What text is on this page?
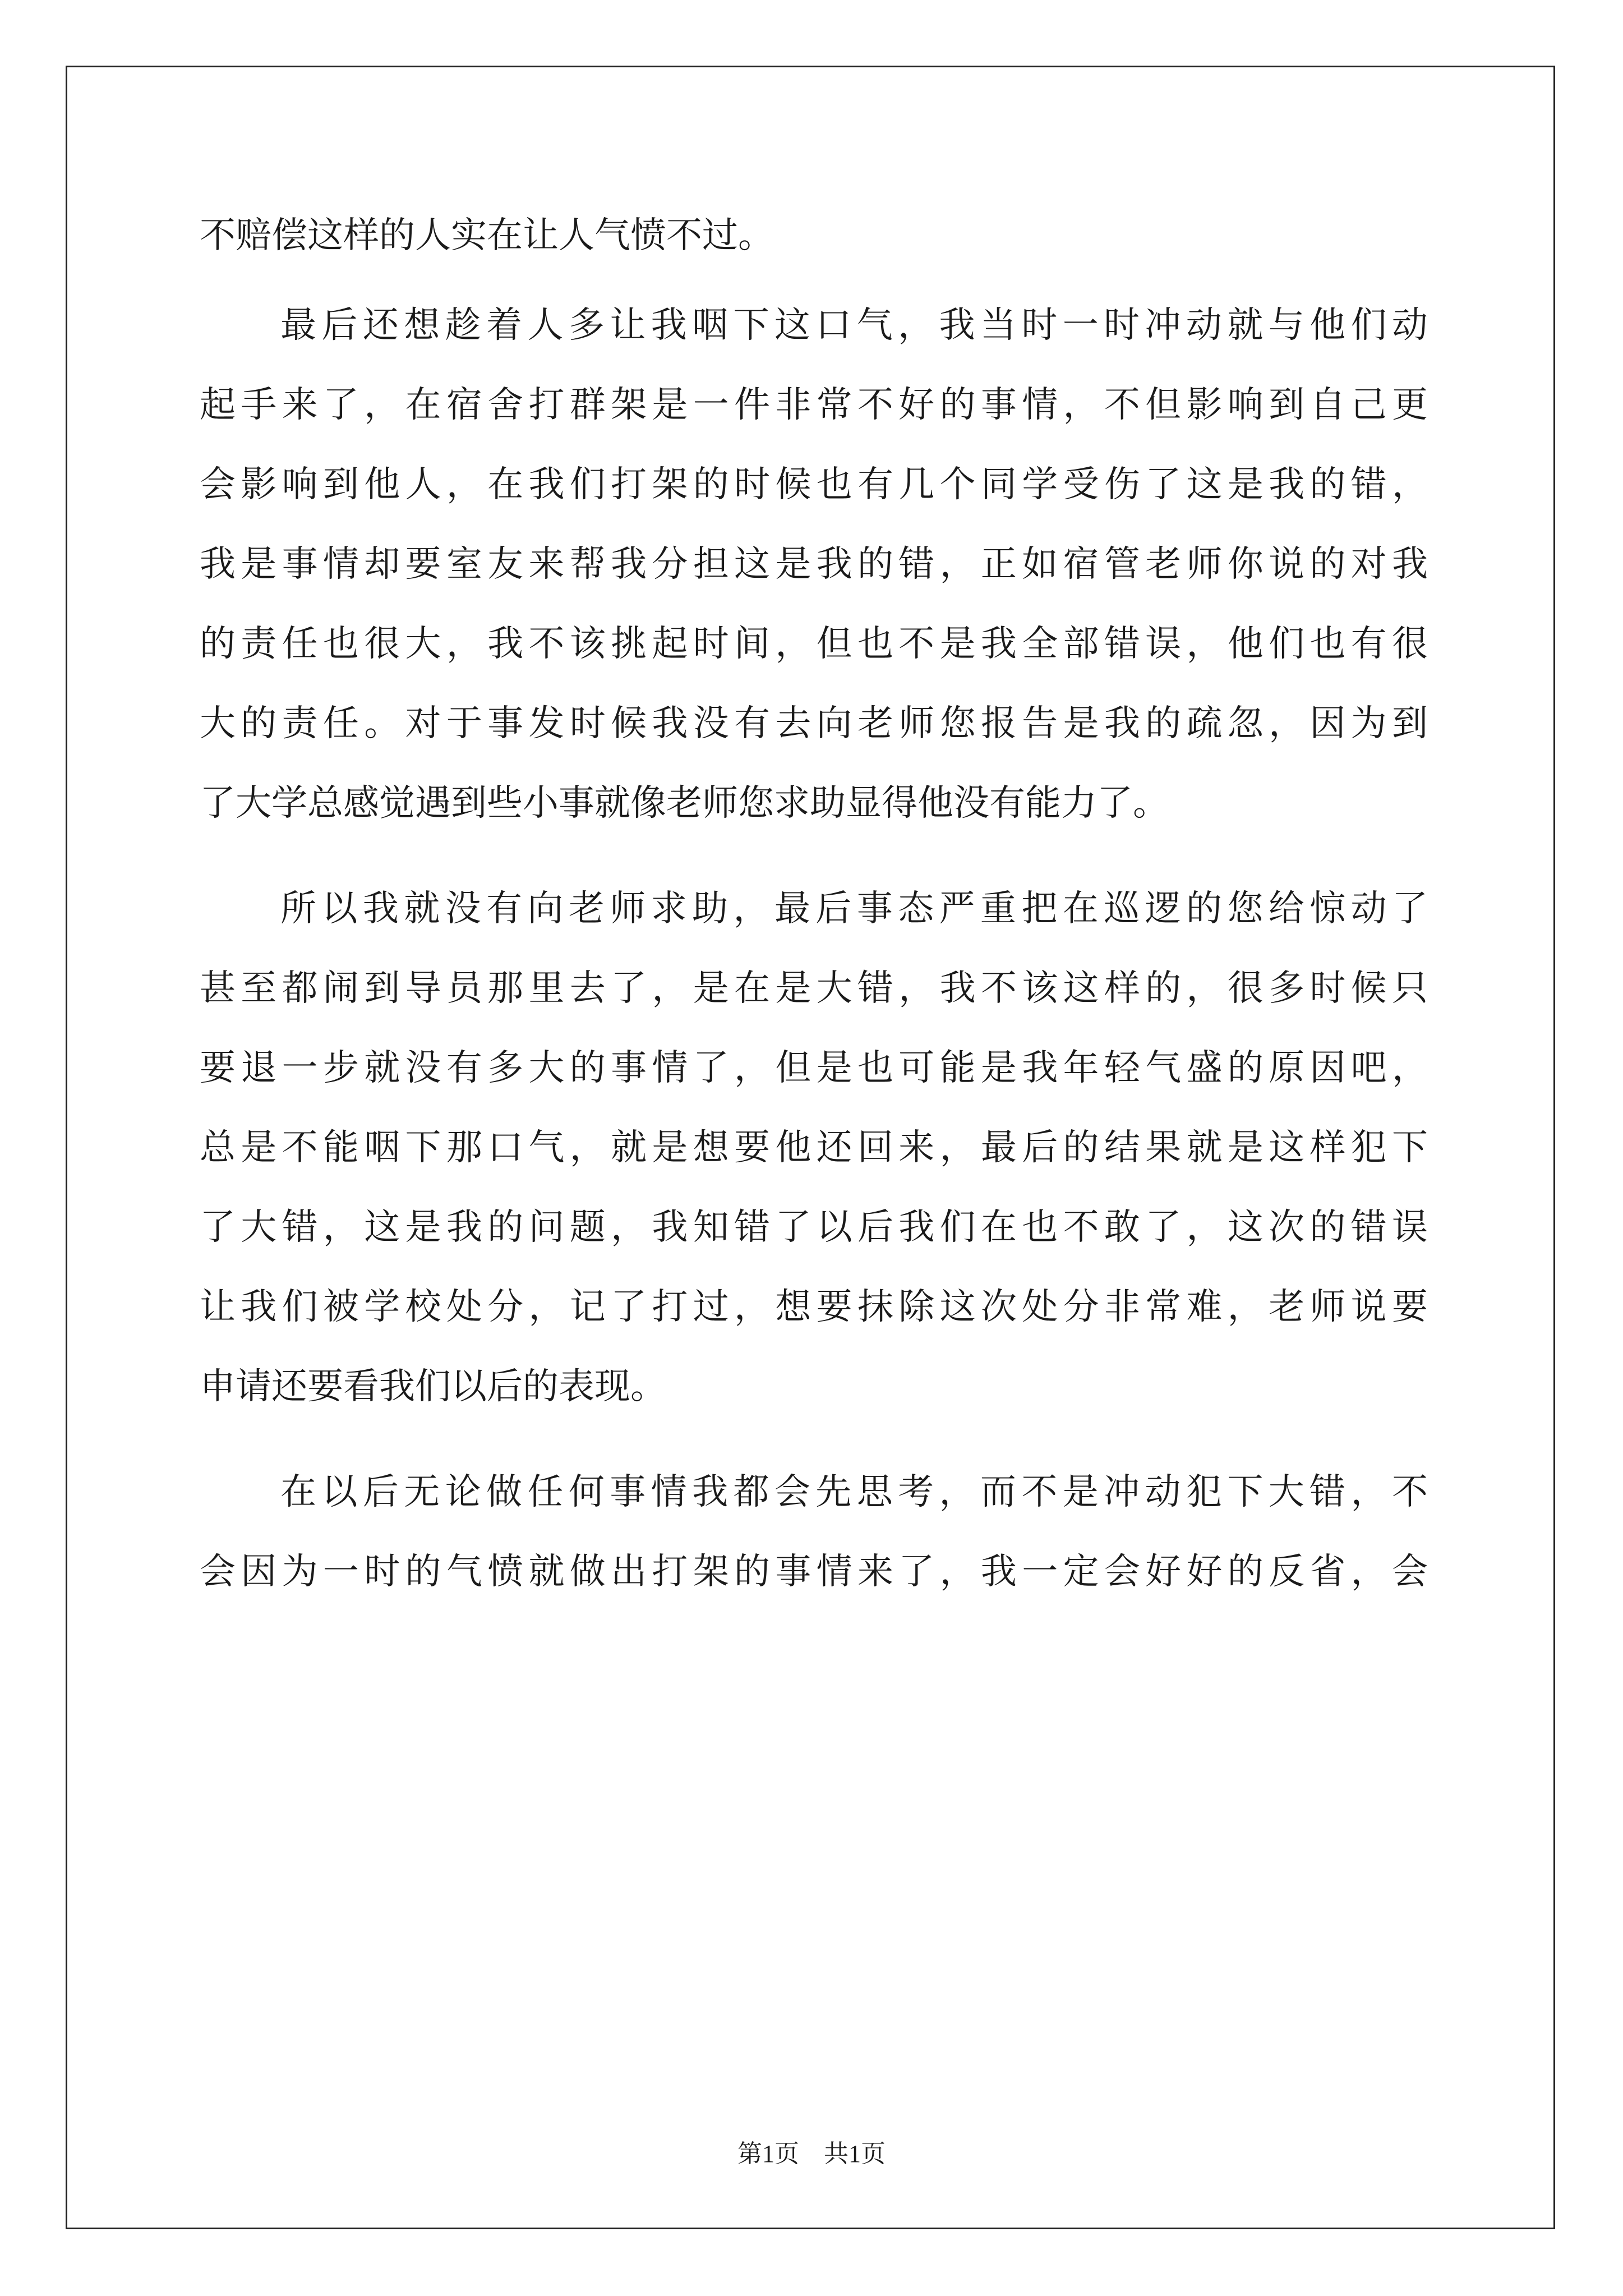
不赔偿这样的人实在让人气愤不过。
最后还想趁着人多让我咽下这口气，我当时一时冲动就与他们动
起手来了，在宿舍打群架是一件非常不好的事情，不但影响到自己更
会影响到他人，在我们打架的时候也有几个同学受伤了这是我的错，
我是事情却要室友来帮我分担这是我的错，正如宿管老师你说的对我
的责任也很大，我不该挑起时间，但也不是我全部错误，他们也有很
大的责任。对于事发时候我没有去向老师您报告是我的疏忽，因为到
了大学总感觉遇到些小事就像老师您求助显得他没有能力了。
所以我就没有向老师求助，最后事态严重把在巡逻的您给惊动了
甚至都闹到导员那里去了，是在是大错，我不该这样的，很多时候只
要退一步就没有多大的事情了，但是也可能是我年轻气盛的原因吧，
总是不能咽下那口气，就是想要他还回来，最后的结果就是这样犯下
了大错，这是我的问题，我知错了以后我们在也不敢了，这次的错误
让我们被学校处分，记了打过，想要抹除这次处分非常难，老师说要
申请还要看我们以后的表现。
在以后无论做任何事情我都会先思考，而不是冲动犯下大错，不
会因为一时的气愤就做出打架的事情来了，我一定会好好的反省，会
第1页　共1页
